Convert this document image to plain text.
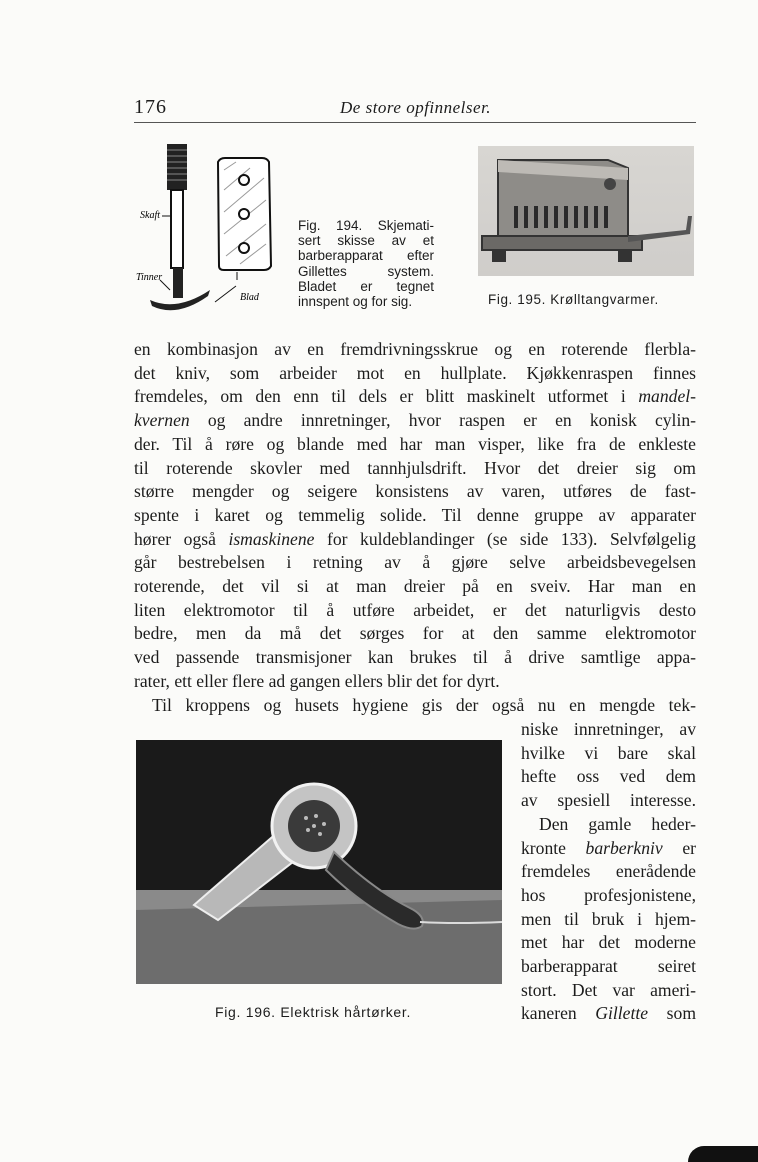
176	De store opfinnelser.
Skaft
Tinner
Blad
Fig. 194. Skjemati-
sert skisse av et
barberapparat efter
Gillettes system.
Bladet er tegnet
innspent og for sig.	Fig. 195. Krølltangvarmer.

en kombinasjon av en fremdrivningsskrue og en roterende flerbla-
det kniv, som arbeider mot en hullplate. Kjøkkenraspen finnes
fremdeles, om den enn til dels er blitt maskinelt utformet i mandel-
kvernen og andre innretninger, hvor raspen er en konisk cylin-
der. Til å røre og blande med har man visper, like fra de enkleste
til roterende skovler med tannhjulsdrift. Hvor det dreier sig om
større mengder og seigere konsistens av varen, utføres de fast-
spente i karet og temmelig solide. Til denne gruppe av apparater
hører også ismaskinene for kuldeblandinger (se side 133). Selvfølgelig
går bestrebelsen i retning av å gjøre selve arbeidsbevegelsen
roterende, det vil si at man dreier på en sveiv. Har man en
liten elektromotor til å utføre arbeidet, er det naturligvis desto
bedre, men da må det sørges for at den samme elektromotor
ved passende transmisjoner kan brukes til å drive samtlige appa-
rater, ett eller flere ad gangen ellers blir det for dyrt.

Til kroppens og husets hygiene gis der også nu en mengde tek-

Fig. 196. Elektrisk hårtørker.
niske innretninger, av
hvilke vi bare skal
hefte oss ved dem
av spesiell interesse.
Den gamle heder-
kronte barberkniv er
fremdeles enerådende
hos profesjonistene,
men til bruk i hjem-
met har det moderne
barberapparat seiret
stort. Det var ameri-
kaneren Gillette som
